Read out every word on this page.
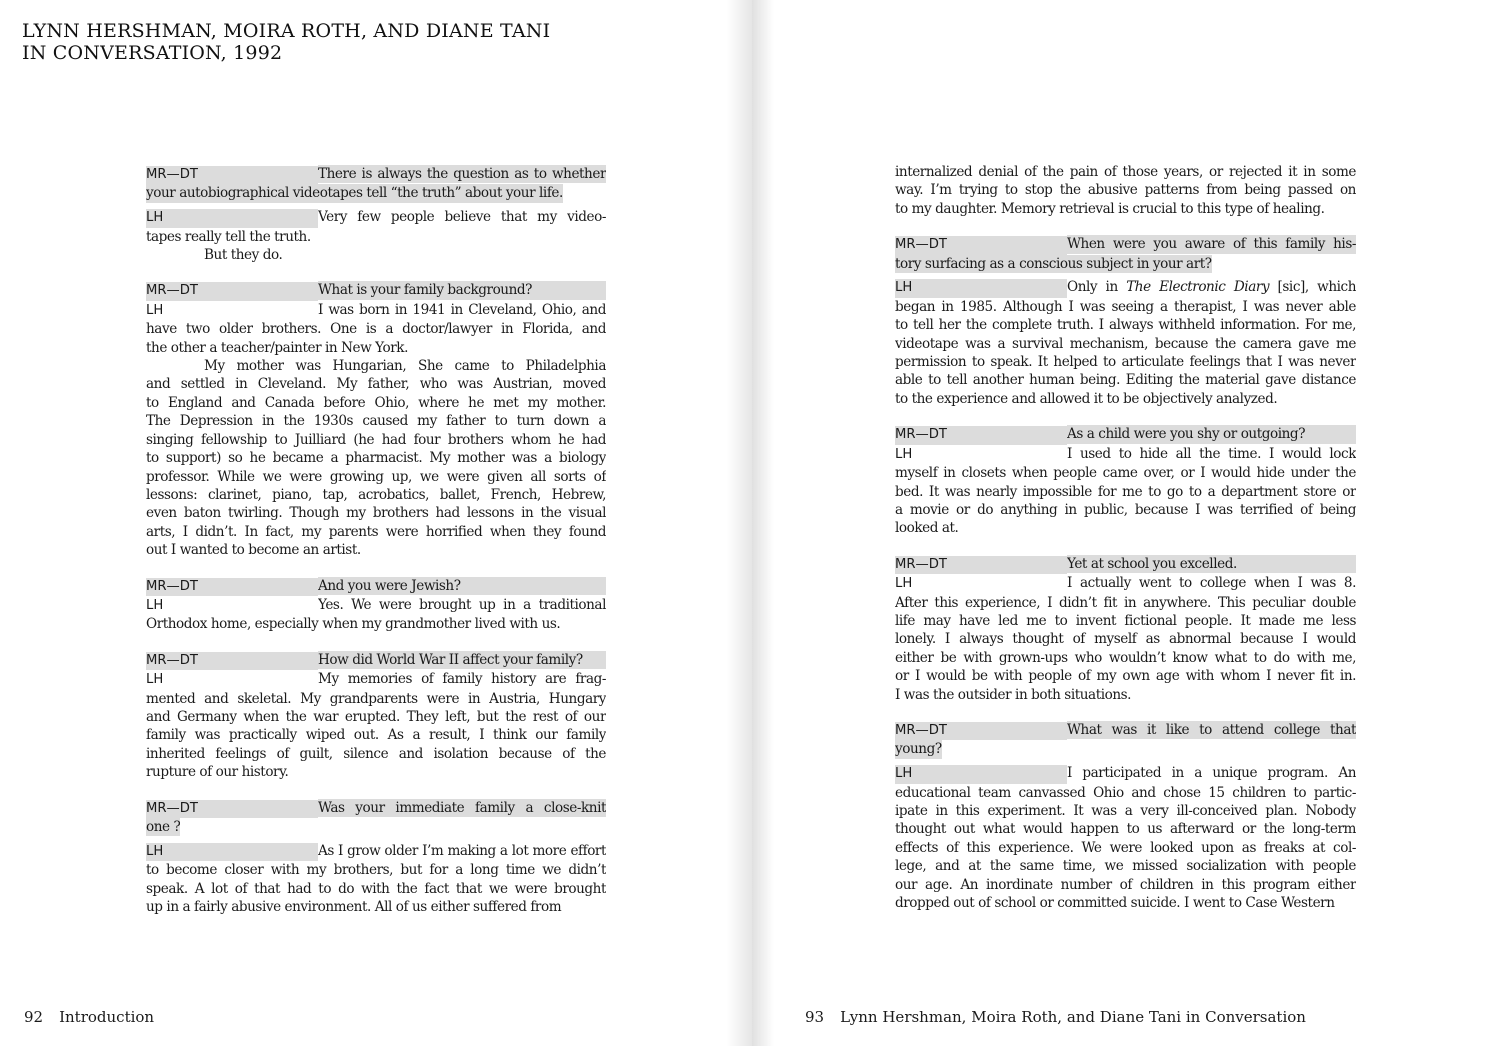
LYNN HERSHMAN, MOIRA ROTH, AND DIANE TANI
IN CONVERSATION, 1992
MR—DT	There is always the question as to whether
your autobiographical videotapes tell “the truth” about your life.
LH	Very few people believe that my video-
tapes really tell the truth.
But they do.
MR—DT	What is your family background?
LH	I was born in 1941 in Cleveland, Ohio, and
have two older brothers. One is a doctor/lawyer in Florida, and
the other a teacher/painter in New York.
My mother was Hungarian, She came to Philadelphia
and settled in Cleveland. My father, who was Austrian, moved
to England and Canada before Ohio, where he met my mother.
The Depression in the 1930s caused my father to turn down a
singing fellowship to Juilliard (he had four brothers whom he had
to support) so he became a pharmacist. My mother was a biology
professor. While we were growing up, we were given all sorts of
lessons: clarinet, piano, tap, acrobatics, ballet, French, Hebrew,
even baton twirling. Though my brothers had lessons in the visual
arts, I didn’t. In fact, my parents were horrified when they found
out I wanted to become an artist.
MR—DT	And you were Jewish?
LH	Yes. We were brought up in a traditional
Orthodox home, especially when my grandmother lived with us.
MR—DT	How did World War II affect your family?
LH	My memories of family history are frag-
mented and skeletal. My grandparents were in Austria, Hungary
and Germany when the war erupted. They left, but the rest of our
family was practically wiped out. As a result, I think our family
inherited feelings of guilt, silence and isolation because of the
rupture of our history.
MR—DT	Was your immediate family a close-knit
one ?
LH	As I grow older I’m making a lot more effort
to become closer with my brothers, but for a long time we didn’t
speak. A lot of that had to do with the fact that we were brought
up in a fairly abusive environment. All of us either suffered from
92 Introduction
internalized denial of the pain of those years, or rejected it in some
way. I’m trying to stop the abusive patterns from being passed on
to my daughter. Memory retrieval is crucial to this type of healing.
MR—DT	When were you aware of this family his-
tory surfacing as a conscious subject in your art?
LH	Only in The Electronic Diary [sic], which
began in 1985. Although I was seeing a therapist, I was never able
to tell her the complete truth. I always withheld information. For me,
videotape was a survival mechanism, because the camera gave me
permission to speak. It helped to articulate feelings that I was never
able to tell another human being. Editing the material gave distance
to the experience and allowed it to be objectively analyzed.
MR—DT	As a child were you shy or outgoing?
LH	I used to hide all the time. I would lock
myself in closets when people came over, or I would hide under the
bed. It was nearly impossible for me to go to a department store or
a movie or do anything in public, because I was terrified of being
looked at.
MR—DT	Yet at school you excelled.
LH	I actually went to college when I was 8.
After this experience, I didn’t fit in anywhere. This peculiar double
life may have led me to invent fictional people. It made me less
lonely. I always thought of myself as abnormal because I would
either be with grown-ups who wouldn’t know what to do with me,
or I would be with people of my own age with whom I never fit in.
I was the outsider in both situations.
MR—DT	What was it like to attend college that
young?
LH	I participated in a unique program. An
educational team canvassed Ohio and chose 15 children to partic-
ipate in this experiment. It was a very ill-conceived plan. Nobody
thought out what would happen to us afterward or the long-term
effects of this experience. We were looked upon as freaks at col-
lege, and at the same time, we missed socialization with people
our age. An inordinate number of children in this program either
dropped out of school or committed suicide. I went to Case Western
93 Lynn Hershman, Moira Roth, and Diane Tani in Conversation
